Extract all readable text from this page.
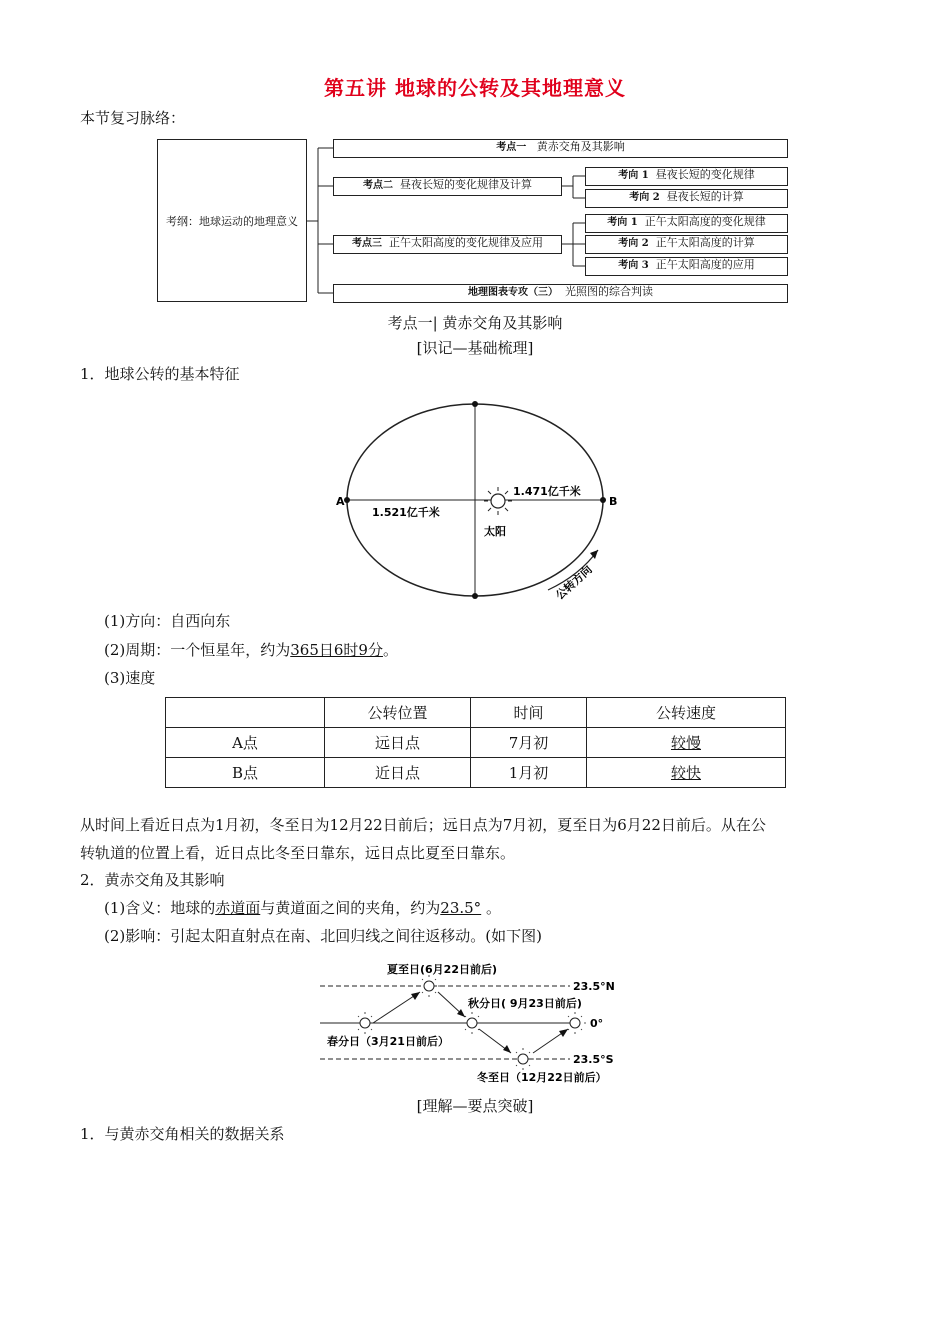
第五讲 地球的公转及其地理意义
本节复习脉络：
考纲：地球运动的地理意义
考点一 黄赤交角及其影响
考点二 昼夜长短的变化规律及计算
考向 1 昼夜长短的变化规律
考向 2 昼夜长短的计算
考点三 正午太阳高度的变化规律及应用
考向 1 正午太阳高度的变化规律
考向 2 正午太阳高度的计算
考向 3 正午太阳高度的应用
地理图表专攻（三） 光照图的综合判读
考点一| 黄赤交角及其影响
[识记—基础梳理]
1．地球公转的基本特征
A	B
1.521亿千米
1.471亿千米
太阳
公转方向
(1)方向：自西向东
(2)周期：一个恒星年，约为365日6时9分。
(3)速度
	公转位置	时间	公转速度
A点	远日点	7月初	较慢
B点	近日点	1月初	较快
从时间上看近日点为1月初，冬至日为12月22日前后；远日点为7月初，夏至日为6月22日前后。从在公
转轨道的位置上看，近日点比冬至日靠东，远日点比夏至日靠东。
2．黄赤交角及其影响
(1)含义：地球的赤道面与黄道面之间的夹角，约为23.5° 。
(2)影响：引起太阳直射点在南、北回归线之间往返移动。(如下图)
夏至日(6月22日前后)
秋分日( 9月23日前后)
春分日（3月21日前后）
冬至日（12月22日前后）
23.5°N
0°
23.5°S
[理解—要点突破]
1．与黄赤交角相关的数据关系
